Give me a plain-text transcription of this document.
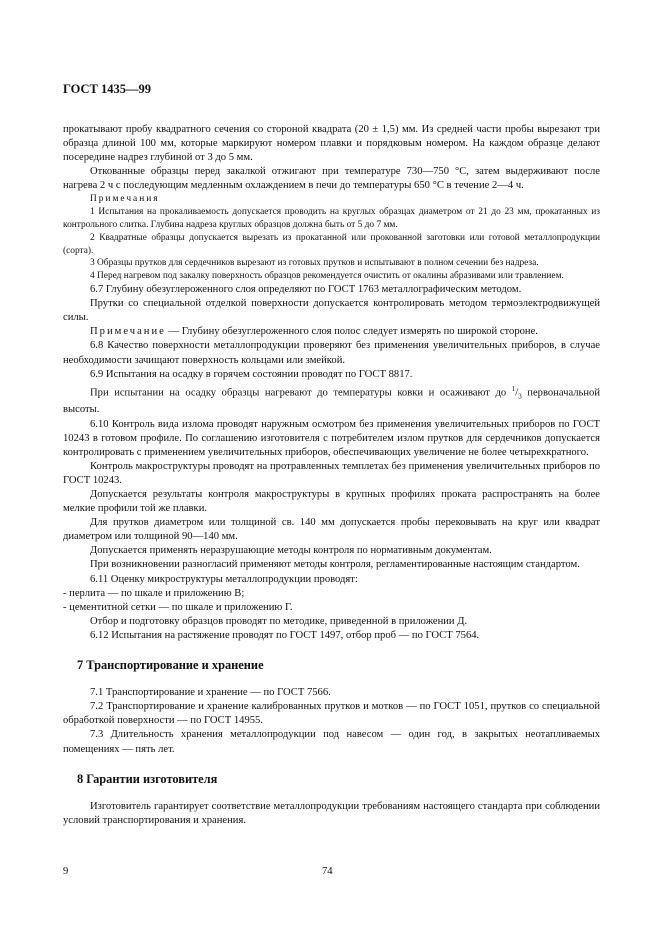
ГОСТ 1435—99

прокатывают пробу квадратного сечения со стороной квадрата (20 ± 1,5) мм. Из средней части пробы вырезают три образца длиной 100 мм, которые маркируют номером плавки и порядковым номером. На каждом образце делают посередине надрез глубиной от 3 до 5 мм.

Откованные образцы перед закалкой отжигают при температуре 730—750 °С, затем выдерживают после нагрева 2 ч с последующим медленным охлаждением в печи до температуры 650 °С в течение 2—4 ч.

Примечания

1 Испытания на прокаливаемость допускается проводить на круглых образцах диаметром от 21 до 23 мм, прокатанных из контрольного слитка. Глубина надреза круглых образцов должна быть от 5 до 7 мм.

2 Квадратные образцы допускается вырезать из прокатанной или прокованной заготовки или готовой металлопродукции (сорта).

3 Образцы прутков для сердечников вырезают из готовых прутков и испытывают в полном сечении без надреза.

4 Перед нагревом под закалку поверхность образцов рекомендуется очистить от окалины абразивами или травлением.

6.7 Глубину обезуглероженного слоя определяют по ГОСТ 1763 металлографическим методом.

Прутки со специальной отделкой поверхности допускается контролировать методом термоэлектродвижущей силы.

Примечание — Глубину обезуглероженного слоя полос следует измерять по широкой стороне.

6.8 Качество поверхности металлопродукции проверяют без применения увеличительных приборов, в случае необходимости зачищают поверхность кольцами или змейкой.

6.9 Испытания на осадку в горячем состоянии проводят по ГОСТ 8817.

При испытании на осадку образцы нагревают до температуры ковки и осаживают до $^1/_3$ первоначальной высоты.

6.10 Контроль вида излома проводят наружным осмотром без применения увеличительных приборов по ГОСТ 10243 в готовом профиле. По соглашению изготовителя с потребителем излом прутков для сердечников допускается контролировать с применением увеличительных приборов, обеспечивающих увеличение не более четырехкратного.

Контроль макроструктуры проводят на протравленных темплетах без применения увеличительных приборов по ГОСТ 10243.

Допускается результаты контроля макроструктуры в крупных профилях проката распространять на более мелкие профили той же плавки.

Для прутков диаметром или толщиной св. 140 мм допускается пробы перековывать на круг или квадрат диаметром или толщиной 90—140 мм.

Допускается применять неразрушающие методы контроля по нормативным документам.

При возникновении разногласий применяют методы контроля, регламентированные настоящим стандартом.

6.11 Оценку микроструктуры металлопродукции проводят:

- перлита — по шкале и приложению В;

- цементитной сетки — по шкале и приложению Г.

Отбор и подготовку образцов проводят по методике, приведенной в приложении Д.

6.12 Испытания на растяжение проводят по ГОСТ 1497, отбор проб — по ГОСТ 7564.

7 Транспортирование и хранение

7.1 Транспортирование и хранение — по ГОСТ 7566.

7.2 Транспортирование и хранение калиброванных прутков и мотков — по ГОСТ 1051, прутков со специальной обработкой поверхности — по ГОСТ 14955.

7.3 Длительность хранения металлопродукции под навесом — один год, в закрытых неотапливаемых помещениях — пять лет.

8 Гарантии изготовителя

Изготовитель гарантирует соответствие металлопродукции требованиям настоящего стандарта при соблюдении условий транспортирования и хранения.

9	74
